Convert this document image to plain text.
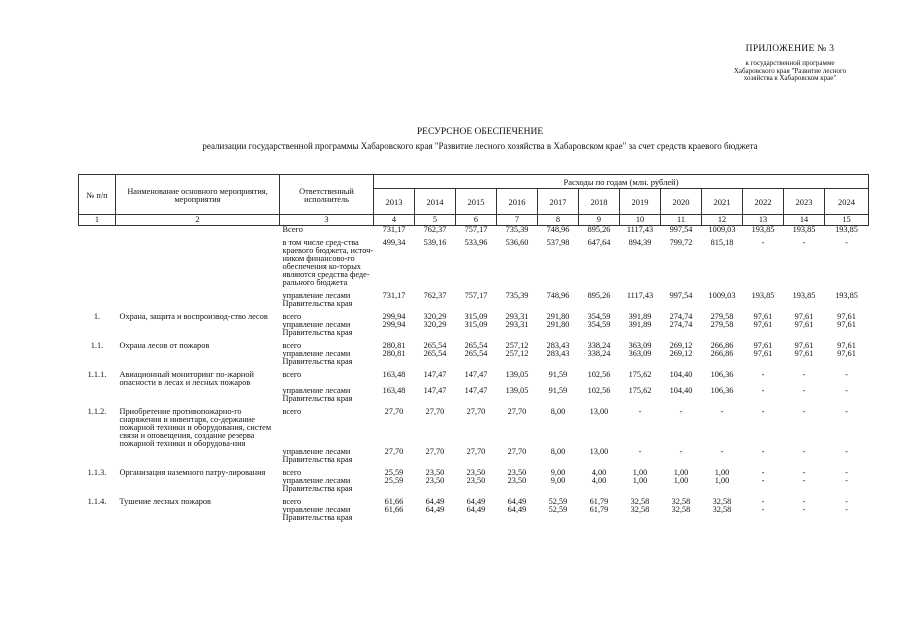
ПРИЛОЖЕНИЕ № 3
к государственной программе
Хабаровского края "Развитие лесного
хозяйства в Хабаровском крае"
РЕСУРСНОЕ ОБЕСПЕЧЕНИЕ
реализации государственной программы Хабаровского края "Развитие лесного хозяйства в Хабаровском крае" за счет средств краевого бюджета
№ п/п	Наименование основного мероприятия, мероприятия	Ответственный исполнитель	Расходы по годам (млн. рублей)											
			2013	2014	2015	2016	2017	2018	2019	2020	2021	2022	2023	2024
1	2	3	4	5	6	7	8	9	10	11	12	13	14	15
		Всего	731,17	762,37	757,17	735,39	748,96	895,26	1117,43	997,54	1009,03	193,85	193,85	193,85
		в том числе сред-ства краевого бюджета, источ-ником финансово-го обеспечения ко-торых являются средства феде-рального бюджета	499,34	539,16	533,96	536,60	537,98	647,64	894,39	799,72	815,18	-	-	-
		управление лесами Правительства края	731,17	762,37	757,17	735,39	748,96	895,26	1117,43	997,54	1009,03	193,85	193,85	193,85
1.	Охрана, защита и воспроизвод-ство лесов	всего	299,94	320,29	315,09	293,31	291,80	354,59	391,89	274,74	279,58	97,61	97,61	97,61
		управление лесами Правительства края	299,94	320,29	315,09	293,31	291,80	354,59	391,89	274,74	279,58	97,61	97,61	97,61
1.1.	Охрана лесов от пожаров	всего	280,81	265,54	265,54	257,12	283,43	338,24	363,09	269,12	266,86	97,61	97,61	97,61
		управление лесами Правительства края	280,81	265,54	265,54	257,12	283,43	338,24	363,09	269,12	266,86	97,61	97,61	97,61
1.1.1.	Авиационный мониторинг по-жарной опасности в лесах и лесных пожаров	всего	163,48	147,47	147,47	139,05	91,59	102,56	175,62	104,40	106,36	-	-	-
		управление лесами Правительства края	163,48	147,47	147,47	139,05	91,59	102,56	175,62	104,40	106,36	-	-	-
1.1.2.	Приобретение противопожарно-го снаряжения и инвентаря, со-держание пожарной техники и оборудования, систем связи и оповещения, создание резерва пожарной техники и оборудова-ния	всего	27,70	27,70	27,70	27,70	8,00	13,00	-	-	-	-	-	-
		управление лесами Правительства края	27,70	27,70	27,70	27,70	8,00	13,00	-	-	-	-	-	-
1.1.3.	Организация наземного патру-лирования	всего	25,59	23,50	23,50	23,50	9,00	4,00	1,00	1,00	1,00	-	-	-
		управление лесами Правительства края	25,59	23,50	23,50	23,50	9,00	4,00	1,00	1,00	1,00	-	-	-
1.1.4.	Тушение лесных пожаров	всего	61,66	64,49	64,49	64,49	52,59	61,79	32,58	32,58	32,58	-	-	-
		управление лесами Правительства края	61,66	64,49	64,49	64,49	52,59	61,79	32,58	32,58	32,58	-	-	-
